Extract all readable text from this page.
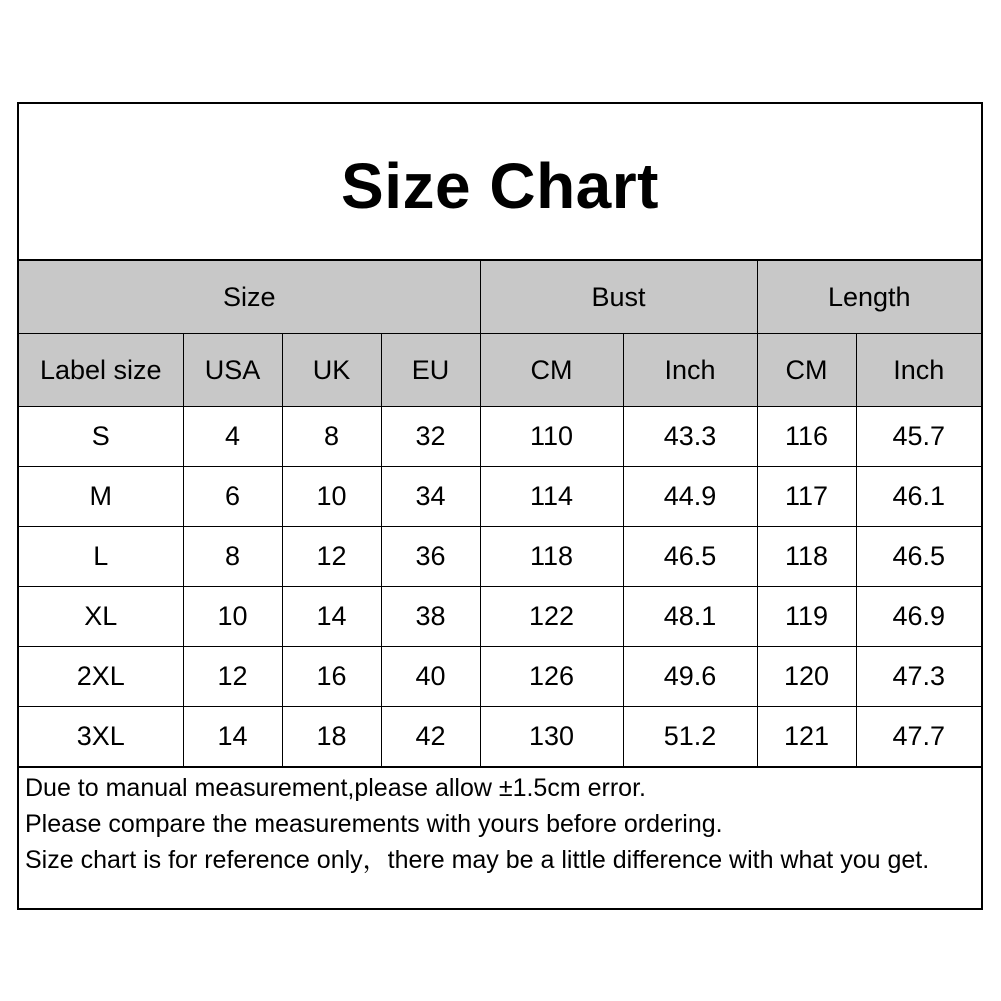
Size Chart
Size				Bust		Length	
Label size	USA	UK	EU	CM	Inch	CM	Inch
S	4	8	32	110	43.3	116	45.7
M	6	10	34	114	44.9	117	46.1
L	8	12	36	118	46.5	118	46.5
XL	10	14	38	122	48.1	119	46.9
2XL	12	16	40	126	49.6	120	47.3
3XL	14	18	42	130	51.2	121	47.7
Due to manual measurement,please allow ±1.5cm error.
Please compare the measurements with yours before ordering.
Size chart is for reference only，there may be a little difference with what you get.
